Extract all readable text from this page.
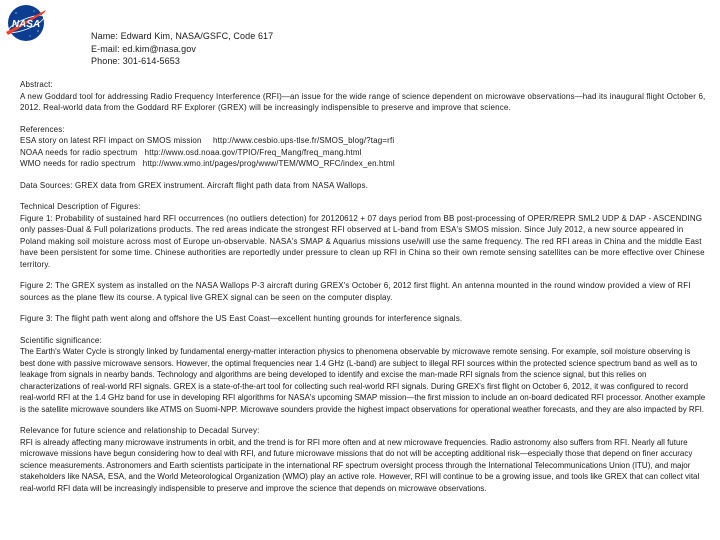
NASA
Name: Edward Kim, NASA/GSFC, Code 617
E-mail: ed.kim@nasa.gov
Phone: 301-614-5653

Abstract:

A new Goddard tool for addressing Radio Frequency Interference (RFI)—an issue for the wide range of science dependent on microwave observations—had its inaugural flight October 6, 2012. Real-world data from the Goddard RF Explorer (GREX) will be increasingly indispensible to preserve and improve that science.

References:

ESA story on latest RFI impact on SMOS mission http://www.cesbio.ups-tlse.fr/SMOS_blog/?tag=rfi

NOAA needs for radio spectrum http://www.osd.noaa.gov/TPIO/Freq_Mang/freq_mang.html

WMO needs for radio spectrum http://www.wmo.int/pages/prog/www/TEM/WMO_RFC/index_en.html

Data Sources: GREX data from GREX instrument. Aircraft flight path data from NASA Wallops.

Technical Description of Figures:

Figure 1: Probability of sustained hard RFI occurrences (no outliers detection) for 20120612 + 07 days period from BB post-processing of OPER/REPR SML2 UDP & DAP - ASCENDING only passes-Dual & Full polarizations products. The red areas indicate the strongest RFI observed at L-band from ESA's SMOS mission. Since July 2012, a new source appeared in Poland making soil moisture across most of Europe un-observable. NASA's SMAP & Aquarius missions use/will use the same frequency. The red RFI areas in China and the middle East have been persistent for some time. Chinese authorities are reportedly under pressure to clean up RFI in China so their own remote sensing satellites can be more effective over Chinese territory.

Figure 2: The GREX system as installed on the NASA Wallops P-3 aircraft during GREX's October 6, 2012 first flight. An antenna mounted in the round window provided a view of RFI sources as the plane flew its course. A typical live GREX signal can be seen on the computer display.

Figure 3: The flight path went along and offshore the US East Coast—excellent hunting grounds for interference signals.

Scientific significance:

The Earth's Water Cycle is strongly linked by fundamental energy-matter interaction physics to phenomena observable by microwave remote sensing. For example, soil moisture observing is best done with passive microwave sensors. However, the optimal frequencies near 1.4 GHz (L-band) are subject to illegal RFI sources within the protected science spectrum band as well as to leakage from signals in nearby bands. Technology and algorithms are being developed to identify and excise the man-made RFI signals from the science signal, but this relies on characterizations of real-world RFI signals. GREX is a state-of-the-art tool for collecting such real-world RFI signals. During GREX's first flight on October 6, 2012, it was configured to record real-world RFI at the 1.4 GHz band for use in developing RFI algorithms for NASA's upcoming SMAP mission—the first mission to include an on-board dedicated RFI processor. Another example is the satellite microwave sounders like ATMS on Suomi-NPP. Microwave sounders provide the highest impact observations for operational weather forecasts, and they are also impacted by RFI.

Relevance for future science and relationship to Decadal Survey:

RFI is already affecting many microwave instruments in orbit, and the trend is for RFI more often and at new microwave frequencies. Radio astronomy also suffers from RFI. Nearly all future microwave missions have begun considering how to deal with RFI, and future microwave missions that do not will be accepting additional risk—especially those that depend on finer accuracy science measurements. Astronomers and Earth scientists participate in the international RF spectrum oversight process through the International Telecommunications Union (ITU), and major stakeholders like NASA, ESA, and the World Meteorological Organization (WMO) play an active role. However, RFI will continue to be a growing issue, and tools like GREX that can collect vital real-world RFI data will be increasingly indispensible to preserve and improve the science that depends on microwave observations.
